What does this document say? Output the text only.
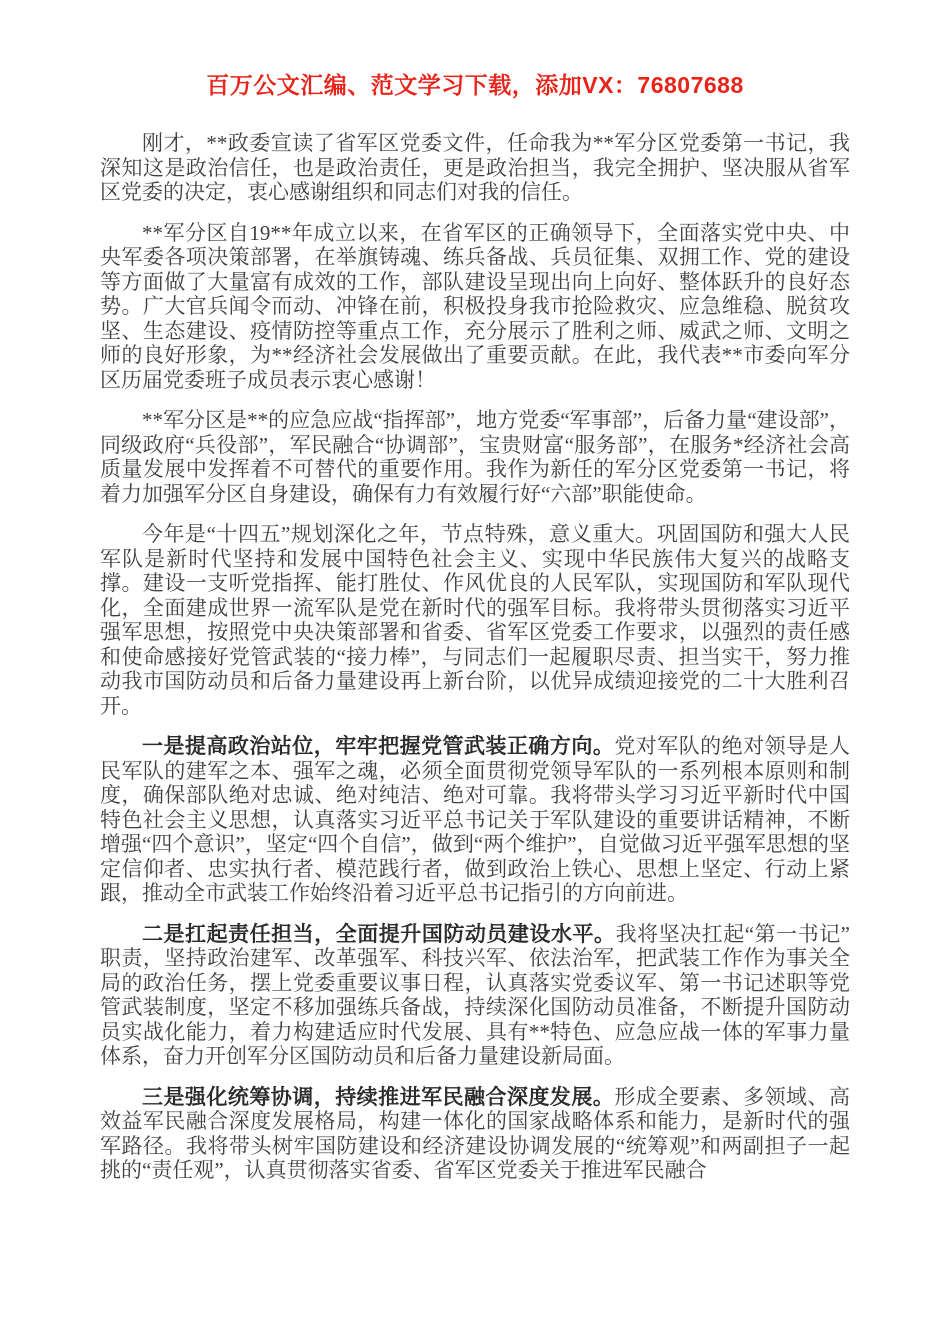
百万公文汇编、范文学习下载，添加VX：76807688

刚才，**政委宣读了省军区党委文件，任命我为**军分区党委第一书记，我深知这是政治信任，也是政治责任，更是政治担当，我完全拥护、坚决服从省军区党委的决定，衷心感谢组织和同志们对我的信任。

**军分区自19**年成立以来，在省军区的正确领导下，全面落实党中央、中央军委各项决策部署，在举旗铸魂、练兵备战、兵员征集、双拥工作、党的建设等方面做了大量富有成效的工作，部队建设呈现出向上向好、整体跃升的良好态势。广大官兵闻令而动、冲锋在前，积极投身我市抢险救灾、应急维稳、脱贫攻坚、生态建设、疫情防控等重点工作，充分展示了胜利之师、威武之师、文明之师的良好形象，为**经济社会发展做出了重要贡献。在此，我代表**市委向军分区历届党委班子成员表示衷心感谢！

**军分区是**的应急应战“指挥部”，地方党委“军事部”，后备力量“建设部”，同级政府“兵役部”，军民融合“协调部”，宝贵财富“服务部”，在服务*经济社会高质量发展中发挥着不可替代的重要作用。我作为新任的军分区党委第一书记，将着力加强军分区自身建设，确保有力有效履行好“六部”职能使命。

今年是“十四五”规划深化之年，节点特殊，意义重大。巩固国防和强大人民军队是新时代坚持和发展中国特色社会主义、实现中华民族伟大复兴的战略支撑。建设一支听党指挥、能打胜仗、作风优良的人民军队，实现国防和军队现代化，全面建成世界一流军队是党在新时代的强军目标。我将带头贯彻落实习近平强军思想，按照党中央决策部署和省委、省军区党委工作要求，以强烈的责任感和使命感接好党管武装的“接力棒”，与同志们一起履职尽责、担当实干，努力推动我市国防动员和后备力量建设再上新台阶，以优异成绩迎接党的二十大胜利召开。

一是提高政治站位，牢牢把握党管武装正确方向。党对军队的绝对领导是人民军队的建军之本、强军之魂，必须全面贯彻党领导军队的一系列根本原则和制度，确保部队绝对忠诚、绝对纯洁、绝对可靠。我将带头学习习近平新时代中国特色社会主义思想，认真落实习近平总书记关于军队建设的重要讲话精神，不断增强“四个意识”，坚定“四个自信”，做到“两个维护”，自觉做习近平强军思想的坚定信仰者、忠实执行者、模范践行者，做到政治上铁心、思想上坚定、行动上紧跟，推动全市武装工作始终沿着习近平总书记指引的方向前进。

二是扛起责任担当，全面提升国防动员建设水平。我将坚决扛起“第一书记”职责，坚持政治建军、改革强军、科技兴军、依法治军，把武装工作作为事关全局的政治任务，摆上党委重要议事日程，认真落实党委议军、第一书记述职等党管武装制度，坚定不移加强练兵备战，持续深化国防动员准备，不断提升国防动员实战化能力，着力构建适应时代发展、具有**特色、应急应战一体的军事力量体系，奋力开创军分区国防动员和后备力量建设新局面。

三是强化统筹协调，持续推进军民融合深度发展。形成全要素、多领域、高效益军民融合深度发展格局，构建一体化的国家战略体系和能力，是新时代的强军路径。我将带头树牢国防建设和经济建设协调发展的“统筹观”和两副担子一起挑的“责任观”，认真贯彻落实省委、省军区党委关于推进军民融合
